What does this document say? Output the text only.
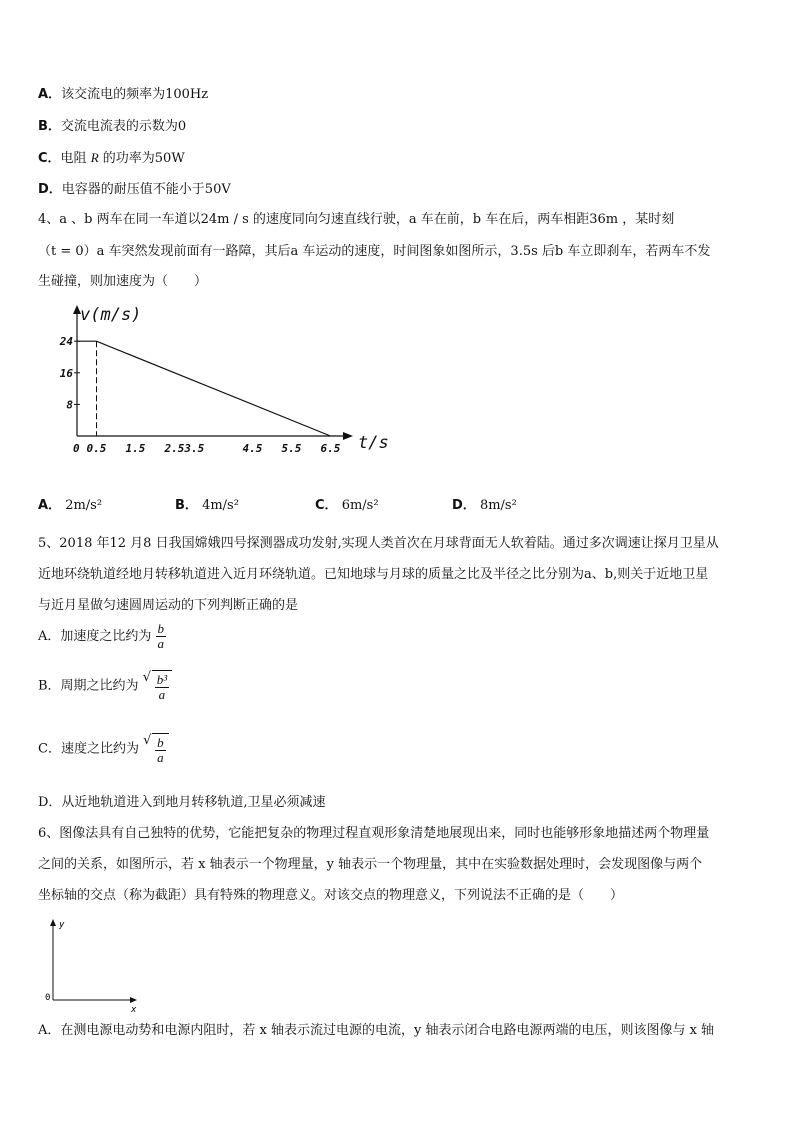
A．该交流电的频率为100Hz
B．交流电流表的示数为0
C．电阻 R 的功率为50W
D．电容器的耐压值不能小于50V
4、a 、b 两车在同一车道以24m / s 的速度同向匀速直线行驶，a 车在前，b 车在后，两车相距36m ，某时刻
（t = 0）a 车突然发现前面有一路障，其后a 车运动的速度，时间图象如图所示，3.5s 后b 车立即刹车，若两车不发
生碰撞，则加速度为（　　）
v(m/s)
t/s
24
16
8
0 0.5 1.5 2.53.5	4.5 5.5 6.5
A． 2m/s²	B． 4m/s²	C． 6m/s²	D． 8m/s²
5、2018 年12 月8 日我国嫦娥四号探测器成功发射,实现人类首次在月球背面无人软着陆。通过多次调速让探月卫星从
近地环绕轨道经地月转移轨道进入近月环绕轨道。已知地球与月球的质量之比及半径之比分别为a、b,则关于近地卫星
与近月星做匀速圆周运动的下列判断正确的是
A．加速度之比约为 $\frac{b}{a}$
B．周期之比约为
√ $\frac{\text{b³}}{a}$
C．速度之比约为
√ $\frac{b}{a}$
D．从近地轨道进入到地月转移轨道,卫星必须减速
6、图像法具有自己独特的优势，它能把复杂的物理过程直观形象清楚地展现出来，同时也能够形象地描述两个物理量
之间的关系，如图所示，若 x 轴表示一个物理量，y 轴表示一个物理量，其中在实验数据处理时，会发现图像与两个
坐标轴的交点（称为截距）具有特殊的物理意义。对该交点的物理意义，下列说法不正确的是（　　）
y
x
0
A．在测电源电动势和电源内阻时，若 x 轴表示流过电源的电流，y 轴表示闭合电路电源两端的电压，则该图像与 x 轴
